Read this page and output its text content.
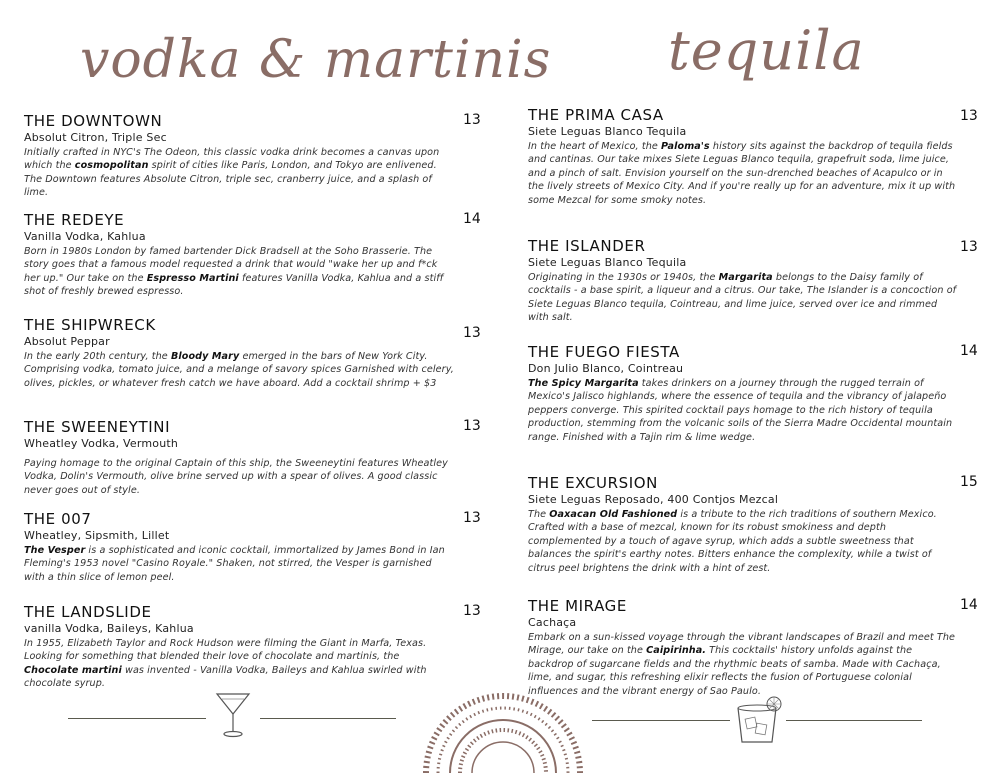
vodka & martinis tequila
THE DOWNTOWN
Absolut Citron, Triple Sec
Initially crafted in NYC's The Odeon, this classic vodka drink becomes a canvas upon which the cosmopolitan spirit of cities like Paris, London, and Tokyo are enlivened. The Downtown features Absolute Citron, triple sec, cranberry juice, and a splash of lime.
13
THE REDEYE
Vanilla Vodka, Kahlua
Born in 1980s London by famed bartender Dick Bradsell at the Soho Brasserie. The story goes that a famous model requested a drink that would "wake her up and f*ck her up." Our take on the Espresso Martini features Vanilla Vodka, Kahlua and a stiff shot of freshly brewed espresso.
14
THE SHIPWRECK
Absolut Peppar
In the early 20th century, the Bloody Mary emerged in the bars of New York City. Comprising vodka, tomato juice, and a melange of savory spices Garnished with celery, olives, pickles, or whatever fresh catch we have aboard. Add a cocktail shrimp + $3
13
THE SWEENEYTINI
Wheatley Vodka, Vermouth
Paying homage to the original Captain of this ship, the Sweeneytini features Wheatley Vodka, Dolin's Vermouth, olive brine served up with a spear of olives. A good classic never goes out of style.
13
THE 007
Wheatley, Sipsmith, Lillet
The Vesper is a sophisticated and iconic cocktail, immortalized by James Bond in Ian Fleming's 1953 novel "Casino Royale." Shaken, not stirred, the Vesper is garnished with a thin slice of lemon peel.
13
THE LANDSLIDE
vanilla Vodka, Baileys, Kahlua
In 1955, Elizabeth Taylor and Rock Hudson were filming the Giant in Marfa, Texas. Looking for something that blended their love of chocolate and martinis, the Chocolate martini was invented - Vanilla Vodka, Baileys and Kahlua swirled with chocolate syrup.
13
THE PRIMA CASA
Siete Leguas Blanco Tequila
In the heart of Mexico, the Paloma's history sits against the backdrop of tequila fields and cantinas. Our take mixes Siete Leguas Blanco tequila, grapefruit soda, lime juice, and a pinch of salt. Envision yourself on the sun-drenched beaches of Acapulco or in the lively streets of Mexico City. And if you're really up for an adventure, mix it up with some Mezcal for some smoky notes.
13
THE ISLANDER
Siete Leguas Blanco Tequila
Originating in the 1930s or 1940s, the Margarita belongs to the Daisy family of cocktails - a base spirit, a liqueur and a citrus. Our take, The Islander is a concoction of Siete Leguas Blanco tequila, Cointreau, and lime juice, served over ice and rimmed with salt.
13
THE FUEGO FIESTA
Don Julio Blanco, Cointreau
The Spicy Margarita takes drinkers on a journey through the rugged terrain of Mexico's Jalisco highlands, where the essence of tequila and the vibrancy of jalapeño peppers converge. This spirited cocktail pays homage to the rich history of tequila production, stemming from the volcanic soils of the Sierra Madre Occidental mountain range. Finished with a Tajin rim & lime wedge.
14
THE EXCURSION
Siete Leguas Reposado, 400 Contjos Mezcal
The Oaxacan Old Fashioned is a tribute to the rich traditions of southern Mexico. Crafted with a base of mezcal, known for its robust smokiness and depth complemented by a touch of agave syrup, which adds a subtle sweetness that balances the spirit's earthy notes. Bitters enhance the complexity, while a twist of citrus peel brightens the drink with a hint of zest.
15
THE MIRAGE
Cachaça
Embark on a sun-kissed voyage through the vibrant landscapes of Brazil and meet The Mirage, our take on the Caipirinha. This cocktails' history unfolds against the backdrop of sugarcane fields and the rhythmic beats of samba. Made with Cachaça, lime, and sugar, this refreshing elixir reflects the fusion of Portuguese colonial influences and the vibrant energy of Sao Paulo.
14
